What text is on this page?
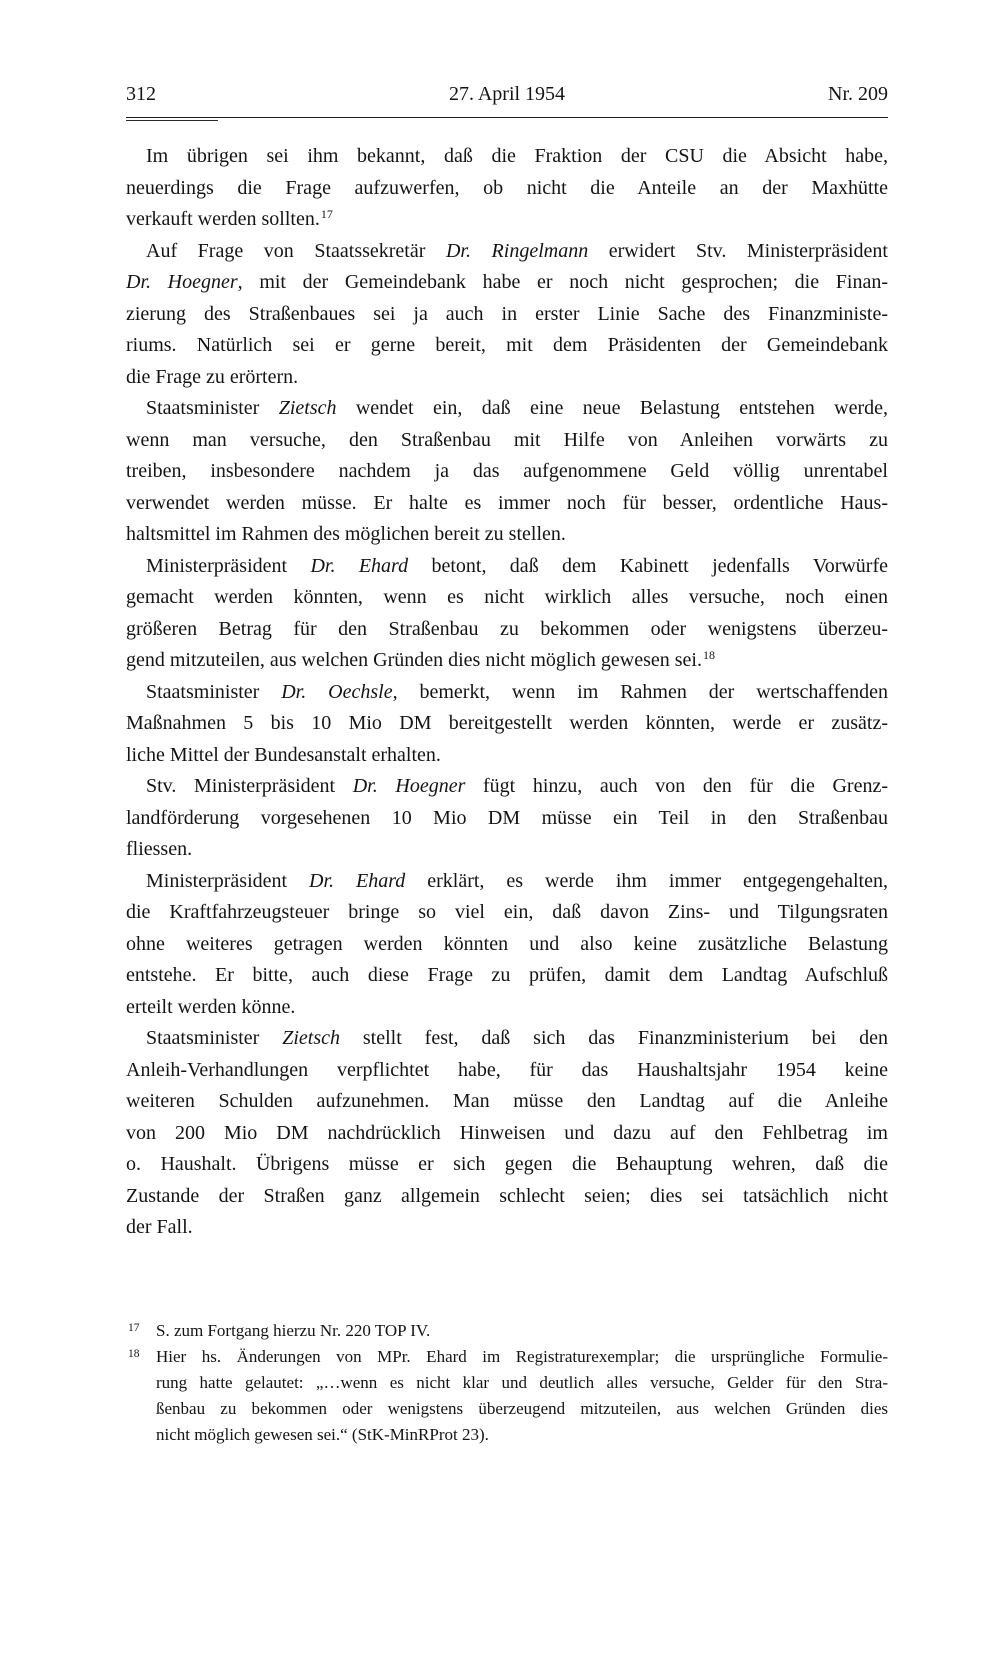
312	27. April 1954	Nr. 209
Im übrigen sei ihm bekannt, daß die Fraktion der CSU die Absicht habe,
neuerdings die Frage aufzuwerfen, ob nicht die Anteile an der Maxhütte
verkauft werden sollten.$^{17}$
Auf Frage von Staatssekretär Dr. Ringelmann erwidert Stv. Ministerpräsident
Dr. Hoegner, mit der Gemeindebank habe er noch nicht gesprochen; die Finan-
zierung des Straßenbaues sei ja auch in erster Linie Sache des Finanzministe-
riums. Natürlich sei er gerne bereit, mit dem Präsidenten der Gemeindebank
die Frage zu erörtern.
Staatsminister Zietsch wendet ein, daß eine neue Belastung entstehen werde,
wenn man versuche, den Straßenbau mit Hilfe von Anleihen vorwärts zu
treiben, insbesondere nachdem ja das aufgenommene Geld völlig unrentabel
verwendet werden müsse. Er halte es immer noch für besser, ordentliche Haus-
haltsmittel im Rahmen des möglichen bereit zu stellen.
Ministerpräsident Dr. Ehard betont, daß dem Kabinett jedenfalls Vorwürfe
gemacht werden könnten, wenn es nicht wirklich alles versuche, noch einen
größeren Betrag für den Straßenbau zu bekommen oder wenigstens überzeu-
gend mitzuteilen, aus welchen Gründen dies nicht möglich gewesen sei.$^{18}$
Staatsminister Dr. Oechsle, bemerkt, wenn im Rahmen der wertschaffenden
Maßnahmen 5 bis 10 Mio DM bereitgestellt werden könnten, werde er zusätz-
liche Mittel der Bundesanstalt erhalten.
Stv. Ministerpräsident Dr. Hoegner fügt hinzu, auch von den für die Grenz-
landförderung vorgesehenen 10 Mio DM müsse ein Teil in den Straßenbau
fliessen.
Ministerpräsident Dr. Ehard erklärt, es werde ihm immer entgegengehalten,
die Kraftfahrzeugsteuer bringe so viel ein, daß davon Zins- und Tilgungsraten
ohne weiteres getragen werden könnten und also keine zusätzliche Belastung
entstehe. Er bitte, auch diese Frage zu prüfen, damit dem Landtag Aufschluß
erteilt werden könne.
Staatsminister Zietsch stellt fest, daß sich das Finanzministerium bei den
Anleih-Verhandlungen verpflichtet habe, für das Haushaltsjahr 1954 keine
weiteren Schulden aufzunehmen. Man müsse den Landtag auf die Anleihe
von 200 Mio DM nachdrücklich Hinweisen und dazu auf den Fehlbetrag im
o. Haushalt. Übrigens müsse er sich gegen die Behauptung wehren, daß die
Zustande der Straßen ganz allgemein schlecht seien; dies sei tatsächlich nicht
der Fall.
17 S. zum Fortgang hierzu Nr. 220 TOP IV.
18 Hier hs. Änderungen von MPr. Ehard im Registraturexemplar; die ursprüngliche Formulie-
rung hatte gelautet: „…wenn es nicht klar und deutlich alles versuche, Gelder für den Stra-
ßenbau zu bekommen oder wenigstens überzeugend mitzuteilen, aus welchen Gründen dies
nicht möglich gewesen sei.“ (StK-MinRProt 23).
